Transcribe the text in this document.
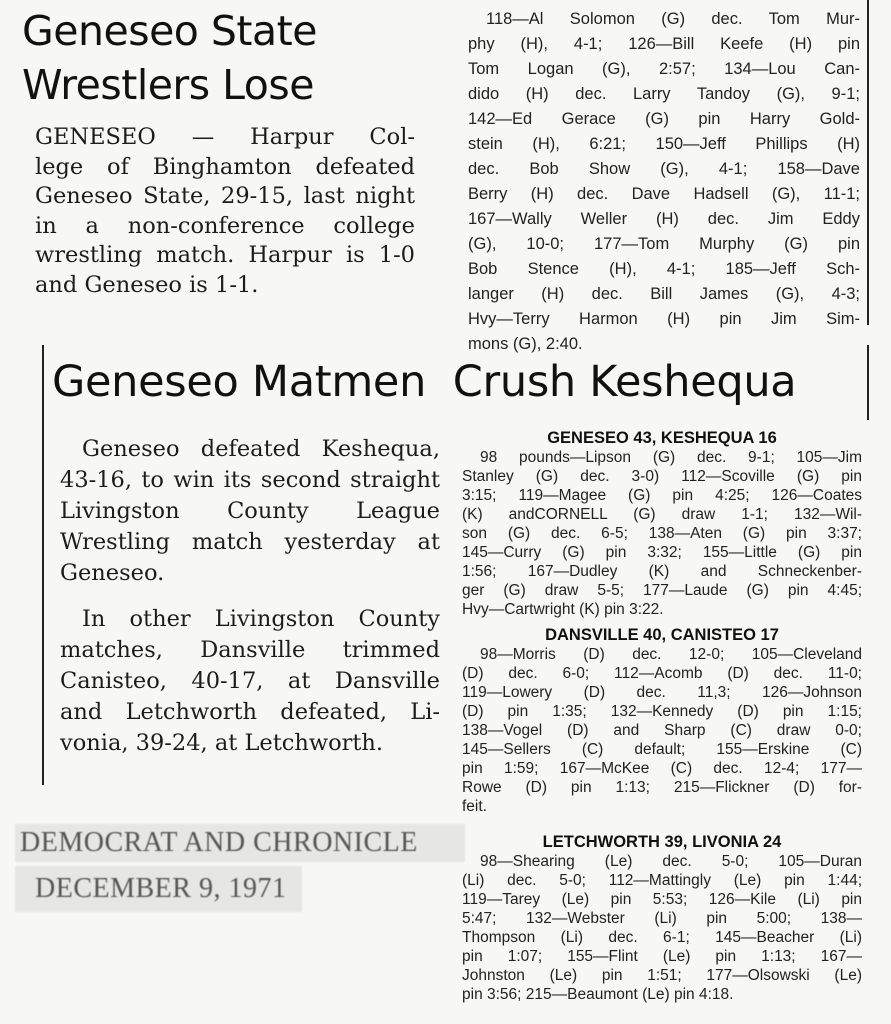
Geneseo State
Wrestlers Lose
GENESEO — Harpur Col-
lege of Binghamton defeated
Geneseo State, 29-15, last night
in a non-conference college
wrestling match. Harpur is 1-0
and Geneseo is 1-1.
118—Al Solomon (G) dec. Tom Mur-
phy (H), 4-1; 126—Bill Keefe (H) pin
Tom Logan (G), 2:57; 134—Lou Can-
dido (H) dec. Larry Tandoy (G), 9-1;
142—Ed Gerace (G) pin Harry Gold-
stein (H), 6:21; 150—Jeff Phillips (H)
dec. Bob Show (G), 4-1; 158—Dave
Berry (H) dec. Dave Hadsell (G), 11-1;
167—Wally Weller (H) dec. Jim Eddy
(G), 10-0; 177—Tom Murphy (G) pin
Bob Stence (H), 4-1; 185—Jeff Sch-
langer (H) dec. Bill James (G), 4-3;
Hvy—Terry Harmon (H) pin Jim Sim-
mons (G), 2:40.
Geneseo Matmen  Crush Keshequa
Geneseo defeated Keshequa,
43-16, to win its second straight
Livingston County League
Wrestling match yesterday at
Geneseo.
In other Livingston County
matches, Dansville trimmed
Canisteo, 40-17, at Dansville
and Letchworth defeated, Li-
vonia, 39-24, at Letchworth.
GENESEO 43, KESHEQUA 16
98 pounds—Lipson (G) dec. 9-1; 105—Jim
Stanley (G) dec. 3-0) 112—Scoville (G) pin
3:15; 119—Magee (G) pin 4:25; 126—Coates
(K) andCORNELL (G) draw 1-1; 132—Wil-
son (G) dec. 6-5; 138—Aten (G) pin 3:37;
145—Curry (G) pin 3:32; 155—Little (G) pin
1:56; 167—Dudley (K) and Schneckenber-
ger (G) draw 5-5; 177—Laude (G) pin 4:45;
Hvy—Cartwright (K) pin 3:22.
DANSVILLE 40, CANISTEO 17
98—Morris (D) dec. 12-0; 105—Cleveland
(D) dec. 6-0; 112—Acomb (D) dec. 11-0;
119—Lowery (D) dec. 11,3; 126—Johnson
(D) pin 1:35; 132—Kennedy (D) pin 1:15;
138—Vogel (D) and Sharp (C) draw 0-0;
145—Sellers (C) default; 155—Erskine (C)
pin 1:59; 167—McKee (C) dec. 12-4; 177—
Rowe (D) pin 1:13; 215—Flickner (D) for-
feit.
LETCHWORTH 39, LIVONIA 24
98—Shearing (Le) dec. 5-0; 105—Duran
(Li) dec. 5-0; 112—Mattingly (Le) pin 1:44;
119—Tarey (Le) pin 5:53; 126—Kile (Li) pin
5:47; 132—Webster (Li) pin 5:00; 138—
Thompson (Li) dec. 6-1; 145—Beacher (Li)
pin 1:07; 155—Flint (Le) pin 1:13; 167—
Johnston (Le) pin 1:51; 177—Olsowski (Le)
pin 3:56; 215—Beaumont (Le) pin 4:18.
DEMOCRAT AND CHRONICLE
DECEMBER 9, 1971
